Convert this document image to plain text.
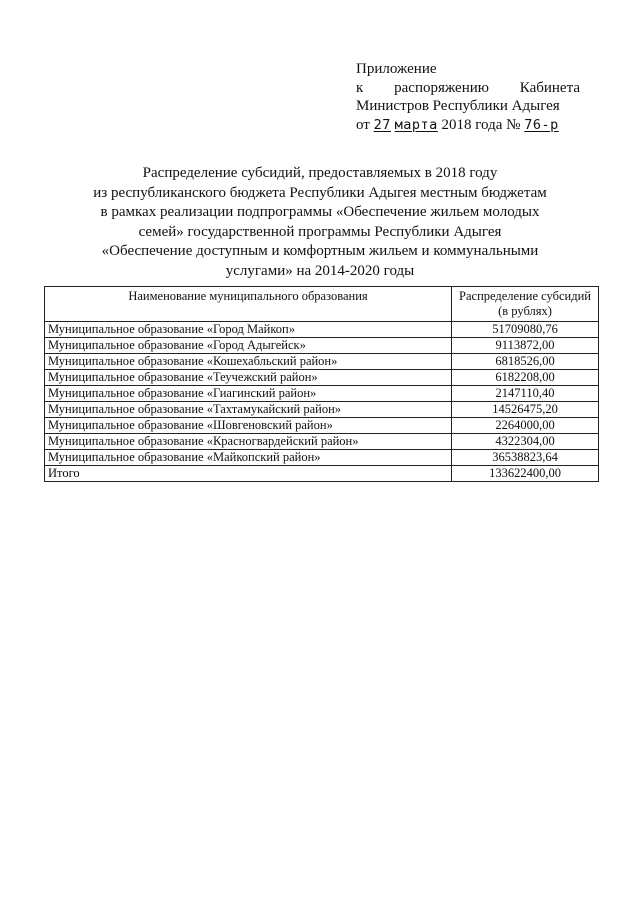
Приложение
к распоряжению Кабинета
Министров Республики Адыгея
от 27 марта 2018 года № 76-р
Распределение субсидий, предоставляемых в 2018 году
из республиканского бюджета Республики Адыгея местным бюджетам
в рамках реализации подпрограммы «Обеспечение жильем молодых
семей» государственной программы Республики Адыгея
«Обеспечение доступным и комфортным жильем и коммунальными
услугами» на 2014-2020 годы
Наименование муниципального образования	Распределение субсидий
(в рублях)

Муниципальное образование «Город Майкоп»	51709080,76
Муниципальное образование «Город Адыгейск»	9113872,00
Муниципальное образование «Кошехабльский район»	6818526,00
Муниципальное образование «Теучежский район»	6182208,00
Муниципальное образование «Гиагинский район»	2147110,40
Муниципальное образование «Тахтамукайский район»	14526475,20
Муниципальное образование «Шовгеновский район»	2264000,00
Муниципальное образование «Красногвардейский район»	4322304,00
Муниципальное образование «Майкопский район»	36538823,64
Итого	133622400,00
